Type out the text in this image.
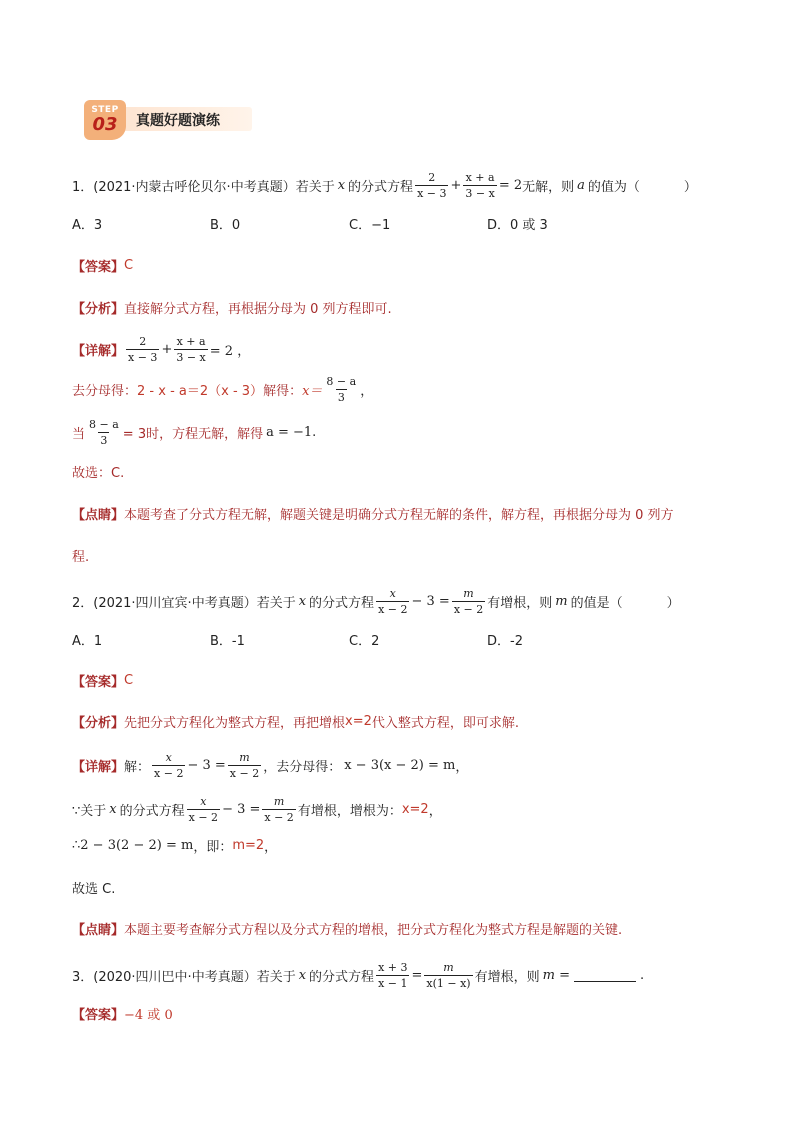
STEP
03	真题好题演练
1．(2021·内蒙古呼伦贝尔·中考真题）若关于 x 的分式方程 $\frac{2}{x - 3} + \frac{x + a}{3 - x} = 2$ 无解，则 a 的值为（	）
A．3	B．0	C．−1	D．0 或 3
【答案】 C
【分析】 直接解分式方程，再根据分母为 0 列方程即可.
【详解】 $\frac{2}{x - 3} + \frac{x + a}{3 - x} = 2$ ，
去分母得： 2 - x - a＝2（x - 3） 解得： $x= \frac{8 - a}{3}$ ，
当 $\frac{8 - a}{3} = 3$时，方程无解，解得 a = −1 .
故选：C.
【点睛】 本题考查了分式方程无解，解题关键是明确分式方程无解的条件，解方程，再根据分母为 0 列方
程.
2．(2021·四川宜宾·中考真题）若关于 x 的分式方程 $\frac{x}{x - 2} - 3 = \frac{m}{x - 2}$ 有增根，则 m 的值是（	）
A．1	B．-1	C．2	D．-2
【答案】 C
【分析】 先把分式方程化为整式方程，再把增根 x=2 代入整式方程，即可求解.
【详解】 解： $\frac{x}{x - 2} - 3 = \frac{m}{x - 2}$ ，去分母得： x − 3(x − 2) = m ，
∵关于 x 的分式方程 $\frac{x}{x - 2} - 3 = \frac{m}{x - 2}$ 有增根，增根为： x=2 ，
∴2 − 3(2 − 2) = m ，即： m=2 ，
故选 C.
【点睛】 本题主要考查解分式方程以及分式方程的增根，把分式方程化为整式方程是解题的关键.
3．(2020·四川巴中·中考真题）若关于 x 的分式方程 $\frac{x + 3}{x - 1} = \frac{m}{x(1 - x)}$ 有增根，则 m =	.
【答案】 −4 或 0
